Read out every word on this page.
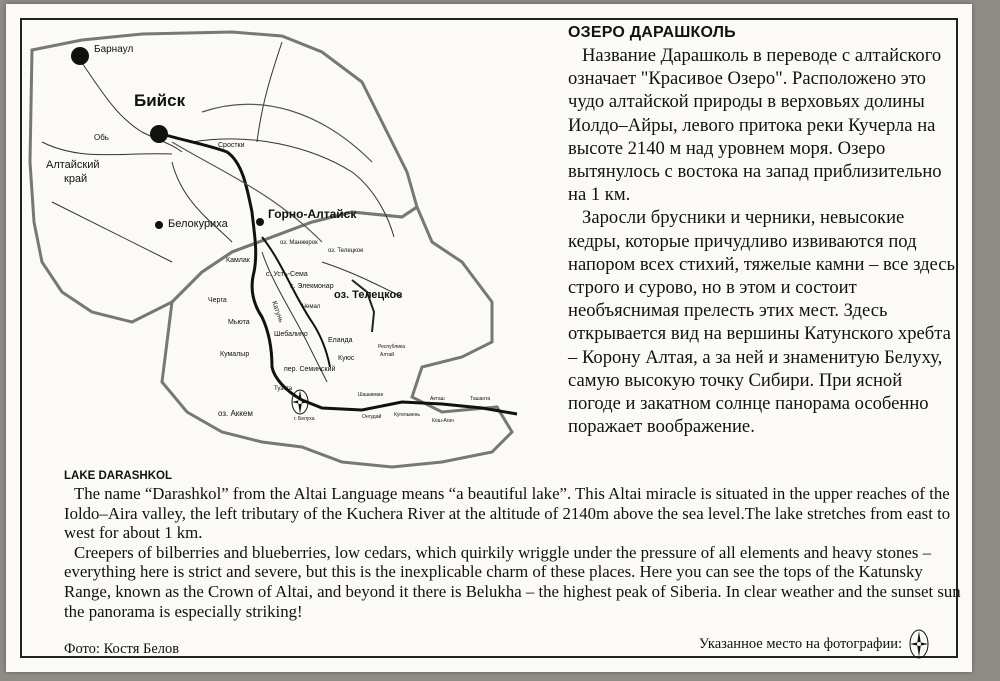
Барнаул
Бийск
Обь
Алтайский
край
Сростки
Белокуриха
Горно-Алтайск
оз. Манжерок
оз. Телецкое
Камлак
с. Усть-Сема
с. Элекмонар
Черга	Катунь	Чемал
оз. Телецкое
Шебалино
Мьюта
Еланда
Кумалыр
Республика
Алтай
Куюс
пер. Семинский
Туэкта
оз. Аккем
г. Белуха
Шашикман
Акташ	Ташанта
Онгудай	Кугельвень
Кош-Агач
ОЗЕРО ДАРАШКОЛЬ

Название Дарашколь в переводе с алтайского означает "Красивое Озеро". Расположено это чудо алтайской природы в верховьях долины Иолдо–Айры, левого притока реки Кучерла на высоте 2140 м над уровнем моря. Озеро вытянулось с востока на запад приблизительно на 1 км.

Заросли брусники и черники, невысокие кедры, которые причудливо извиваются под напором всех стихий, тяжелые камни – все здесь строго и сурово, но в этом и состоит необъяснимая прелесть этих мест. Здесь открывается вид на вершины Катунского хребта – Корону Алтая, а за ней и знаменитую Белуху, самую высокую точку Сибири. При ясной погоде и закатном солнце панорама особенно поражает воображение.

LAKE DARASHKOL

The name “Darashkol” from the Altai Language means “a beautiful lake”. This Altai miracle is situated in the upper reaches of the Ioldo–Aira valley, the left tributary of the Kuchera River at the altitude of 2140m above the sea level.The lake stretches from east to west for about 1 km.

Creepers of bilberries and blueberries, low cedars, which quirkily wriggle under the pressure of all elements and heavy stones – everything here is strict and severe, but this is the inexplicable charm of these places. Here you can see the tops of the Katunsky Range, known as the Crown of Altai, and beyond it there is Belukha – the highest peak of Siberia. In clear weather and the sunset sun the panorama is especially striking!

Фото: Костя Белов	Указанное место на фотографии:
